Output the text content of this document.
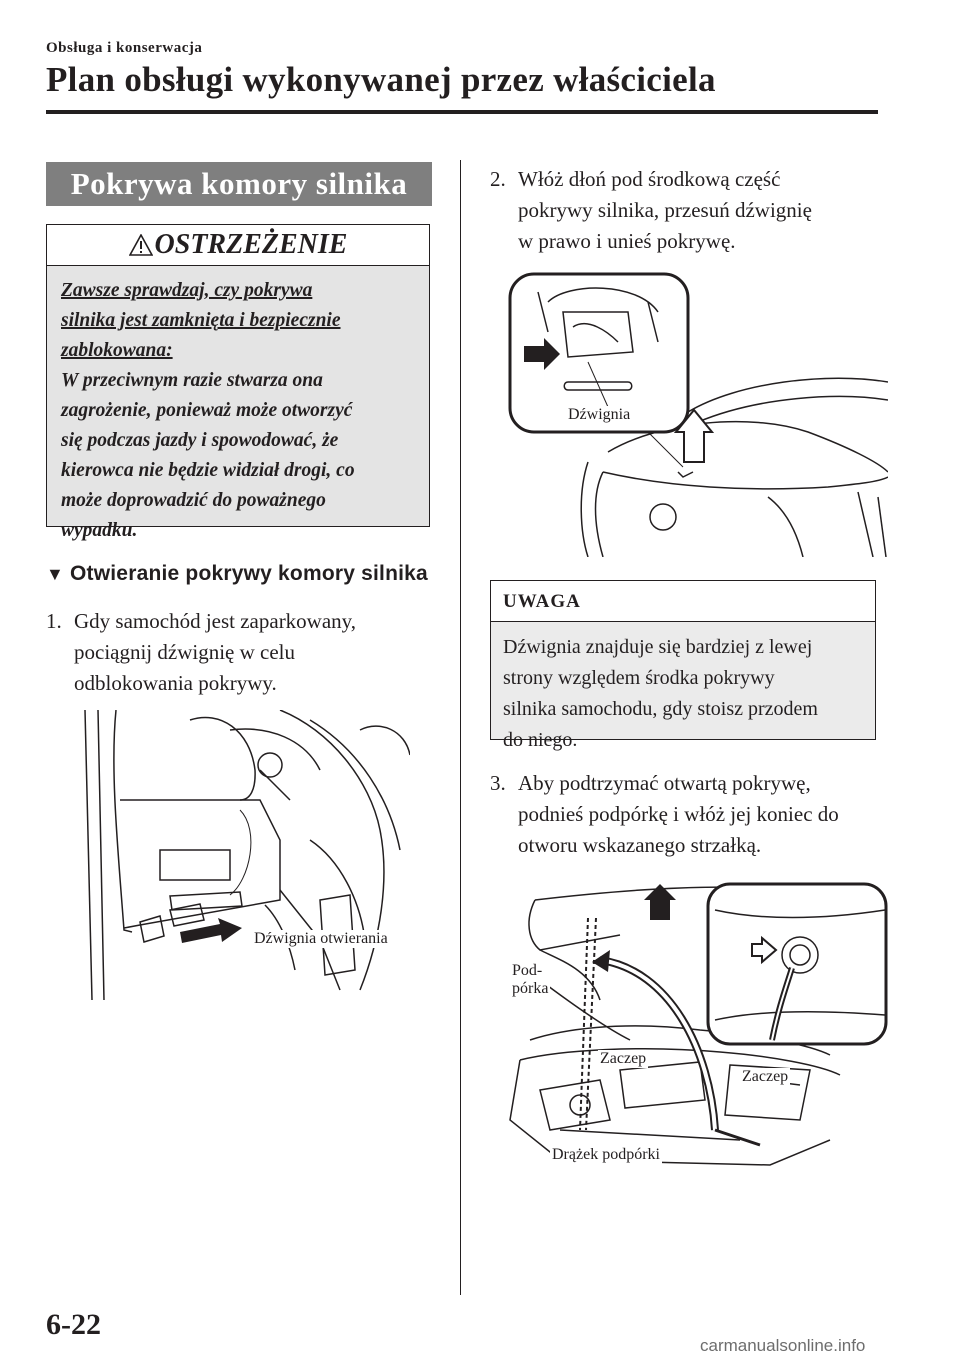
Obsługa i konserwacja
Plan obsługi wykonywanej przez właściciela
Pokrywa komory silnika
OSTRZEŻENIE
Zawsze sprawdzaj, czy pokrywa
silnika jest zamknięta i bezpiecznie
zablokowana:
W przeciwnym razie stwarza ona
zagrożenie, ponieważ może otworzyć
się podczas jazdy i spowodować, że
kierowca nie będzie widział drogi, co
może doprowadzić do poważnego
wypadku.
▼ Otwieranie pokrywy komory silnika
1. Gdy samochód jest zaparkowany,
pociągnij dźwignię w celu
odblokowania pokrywy.
Dźwignia otwierania
2. Włóż dłoń pod środkową część
pokrywy silnika, przesuń dźwignię
w prawo i unieś pokrywę.
Dźwignia
UWAGA
Dźwignia znajduje się bardziej z lewej
strony względem środka pokrywy
silnika samochodu, gdy stoisz przodem
do niego.
3. Aby podtrzymać otwartą pokrywę,
podnieś podpórkę i włóż jej koniec do
otworu wskazanego strzałką.
Pod-
pórka
Zaczep
Zaczep
Drążek podpórki
6-22
carmanualsonline.info
